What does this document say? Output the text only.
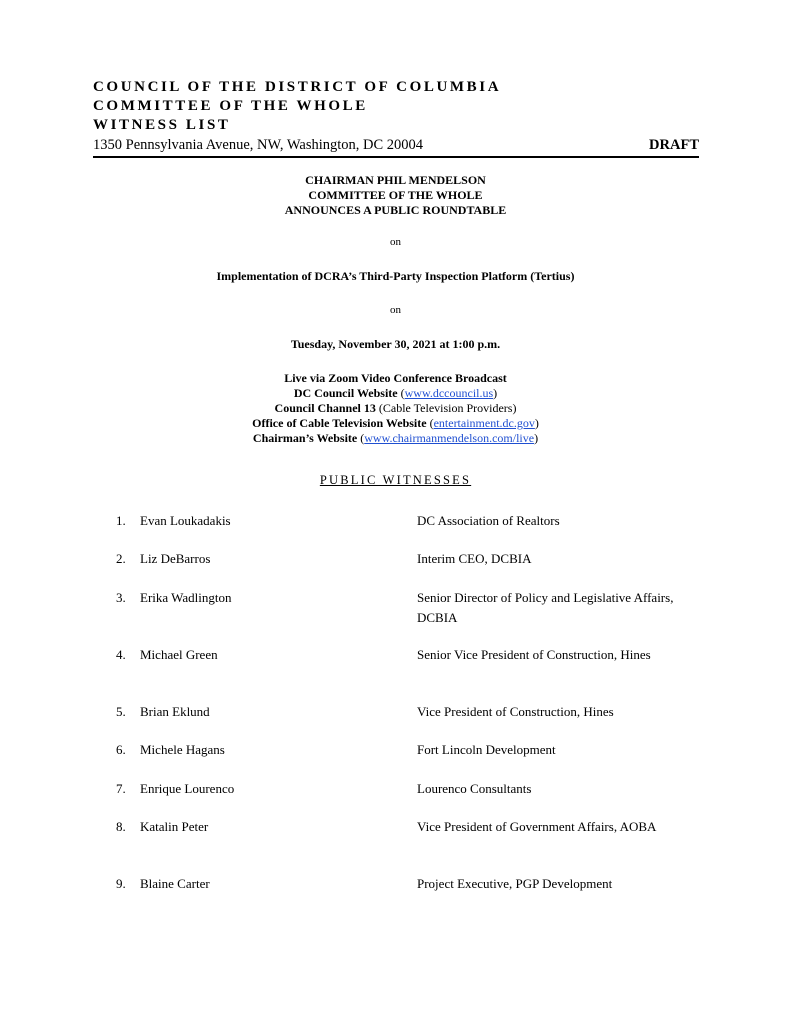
COUNCIL OF THE DISTRICT OF COLUMBIA
COMMITTEE OF THE WHOLE
WITNESS LIST
1350 Pennsylvania Avenue, NW, Washington, DC 20004	DRAFT
CHAIRMAN PHIL MENDELSON
COMMITTEE OF THE WHOLE
ANNOUNCES A PUBLIC ROUNDTABLE
on
Implementation of DCRA’s Third-Party Inspection Platform (Tertius)
on
Tuesday, November 30, 2021 at 1:00 p.m.
Live via Zoom Video Conference Broadcast
DC Council Website (www.dccouncil.us)
Council Channel 13 (Cable Television Providers)
Office of Cable Television Website (entertainment.dc.gov)
Chairman’s Website (www.chairmanmendelson.com/live)
PUBLIC WITNESSES
1.	Evan Loukadakis	DC Association of Realtors
2.	Liz DeBarros	Interim CEO, DCBIA
3.	Erika Wadlington	Senior Director of Policy and Legislative Affairs, DCBIA
4.	Michael Green	Senior Vice President of Construction, Hines
5.	Brian Eklund	Vice President of Construction, Hines
6.	Michele Hagans	Fort Lincoln Development
7.	Enrique Lourenco	Lourenco Consultants
8.	Katalin Peter	Vice President of Government Affairs, AOBA
9.	Blaine Carter	Project Executive, PGP Development
